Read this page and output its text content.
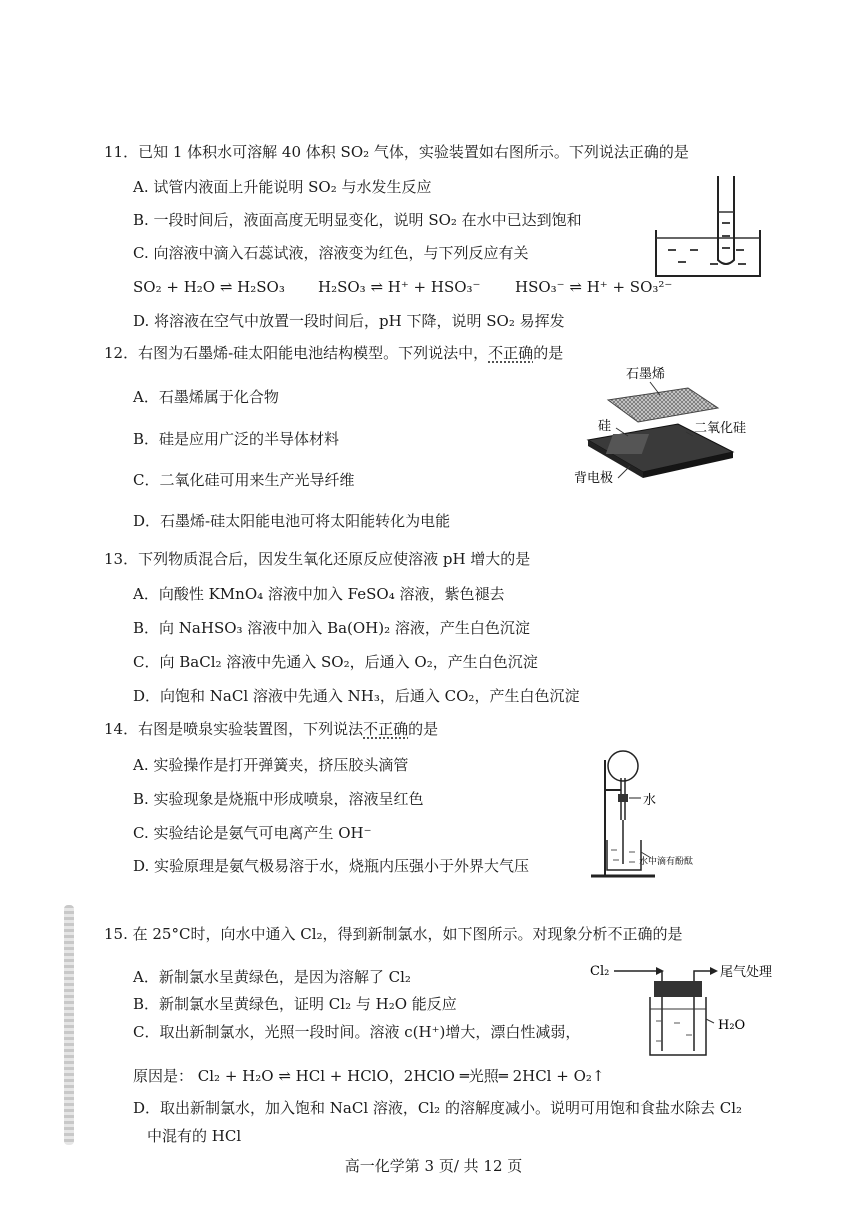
11．已知 1 体积水可溶解 40 体积 SO₂ 气体，实验装置如右图所示。下列说法正确的是
A. 试管内液面上升能说明 SO₂ 与水发生反应
B. 一段时间后，液面高度无明显变化，说明 SO₂ 在水中已达到饱和
C. 向溶液中滴入石蕊试液，溶液变为红色，与下列反应有关
SO₂ + H₂O ⇌ H₂SO₃ H₂SO₃ ⇌ H⁺ + HSO₃⁻ HSO₃⁻ ⇌ H⁺ + SO₃²⁻
D. 将溶液在空气中放置一段时间后，pH 下降，说明 SO₂ 易挥发
12．右图为石墨烯-硅太阳能电池结构模型。下列说法中，不正确的是
A．石墨烯属于化合物
B．硅是应用广泛的半导体材料
C．二氧化硅可用来生产光导纤维
D．石墨烯-硅太阳能电池可将太阳能转化为电能
石墨烯
硅	二氧化硅
背电极
13．下列物质混合后，因发生氧化还原反应使溶液 pH 增大的是
A．向酸性 KMnO₄ 溶液中加入 FeSO₄ 溶液，紫色褪去
B．向 NaHSO₃ 溶液中加入 Ba(OH)₂ 溶液，产生白色沉淀
C．向 BaCl₂ 溶液中先通入 SO₂，后通入 O₂，产生白色沉淀
D．向饱和 NaCl 溶液中先通入 NH₃，后通入 CO₂，产生白色沉淀
14．右图是喷泉实验装置图，下列说法不正确的是
A. 实验操作是打开弹簧夹，挤压胶头滴管
B. 实验现象是烧瓶中形成喷泉，溶液呈红色
C. 实验结论是氨气可电离产生 OH⁻
D. 实验原理是氨气极易溶于水，烧瓶内压强小于外界大气压
水
水中滴有酚酞
15. 在 25°C时，向水中通入 Cl₂，得到新制氯水，如下图所示。对现象分析不正确的是
A．新制氯水呈黄绿色，是因为溶解了 Cl₂
B．新制氯水呈黄绿色，证明 Cl₂ 与 H₂O 能反应
C．取出新制氯水，光照一段时间。溶液 c(H⁺)增大，漂白性减弱，
原因是： Cl₂ + H₂O ⇌ HCl + HClO，2HClO ═光照═ 2HCl + O₂↑
D．取出新制氯水，加入饱和 NaCl 溶液，Cl₂ 的溶解度减小。说明可用饱和食盐水除去 Cl₂
中混有的 HCl
Cl₂	尾气处理
H₂O
高一化学第 3 页/ 共 12 页
